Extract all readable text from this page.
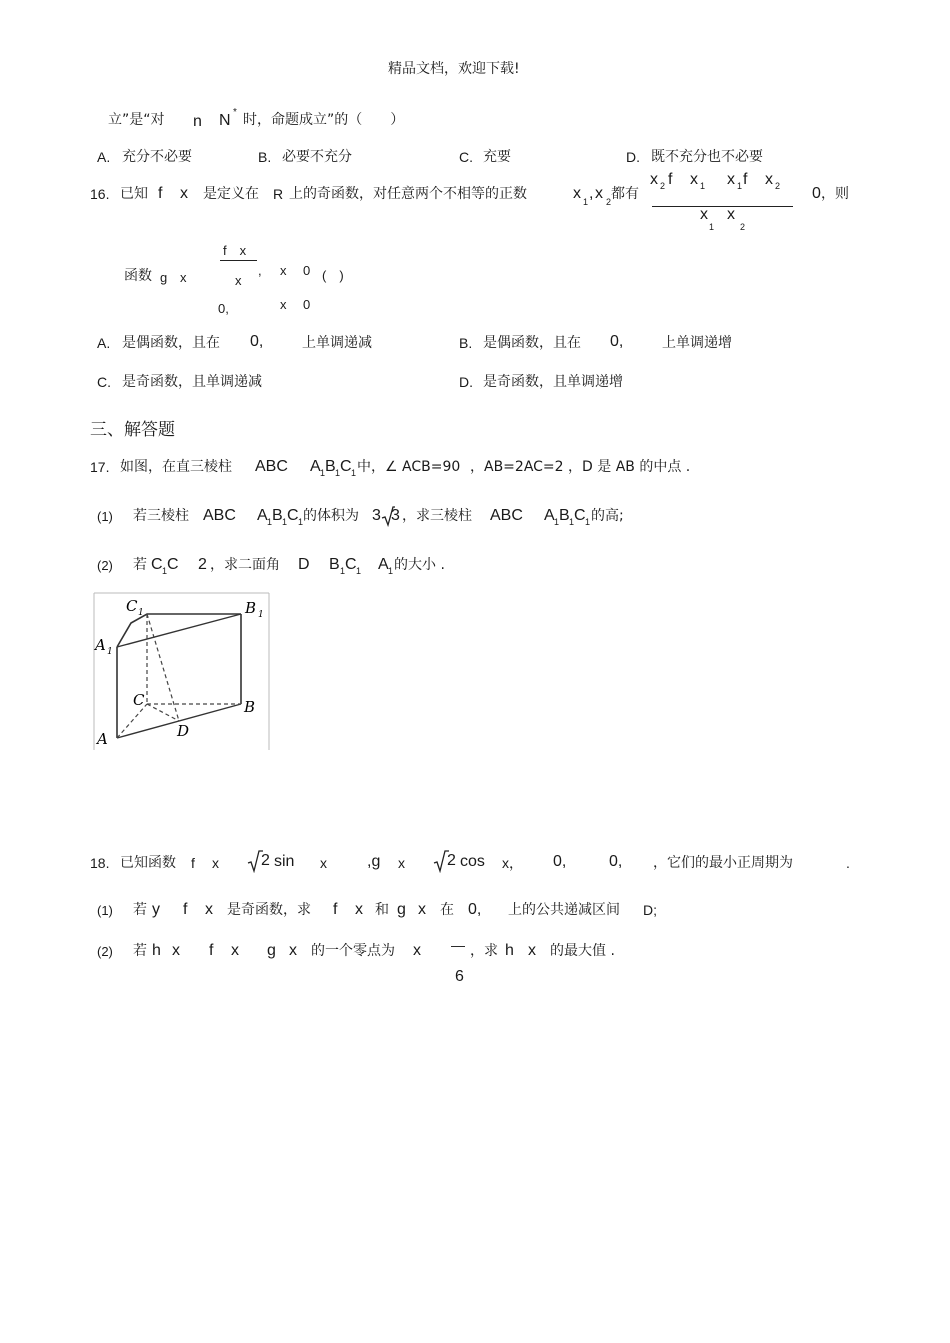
精品文档，欢迎下载!
立”是“对 n N * 时，命题成立”的（　　）
A. 充分不必要	B. 必要不充分	C. 充要	D. 既不充分也不必要
16. 已知 f x 是定义在 R 上的奇函数，对任意两个不相等的正数	x 1 , x 2 都有
x 2 f x 1 x 1 f x 2
x x
1	2
0 ，则
函数 g x
f　x
x
, x 0 (　)
0,	x 0
A. 是偶函数，且在 0,	上单调递减	B. 是偶函数，且在 0,	上单调递增
C. 是奇函数，且单调递减	D. 是奇函数，且单调递增
三、解答题
17. 如图，在直三棱柱 ABC A 1 B 1 C 1 中，∠ ACB=90 ，AB=2AC=2 ，D 是 AB 的中点 .
(1) 若三棱柱 ABC A 1 B 1 C 1 的体积为 3 3 ，求三棱柱 ABC A 1 B 1 C 1 的高;
(2) 若 C 1 C 2 ，求二面角 D B 1 C 1 A 1 的大小 .
C 1	B 1
A 1
C	B
A	D
18. 已知函数 f x	2 sin x	,g x	2 cos x， 0,	0, ，它们的最小正周期为	.
(1) 若 y f x 是奇函数，求 f x 和 g x 在 0, 上的公共递减区间 D;
(2) 若 h x f x g x 的一个零点为 x — ，求 h x 的最大值 .
6
